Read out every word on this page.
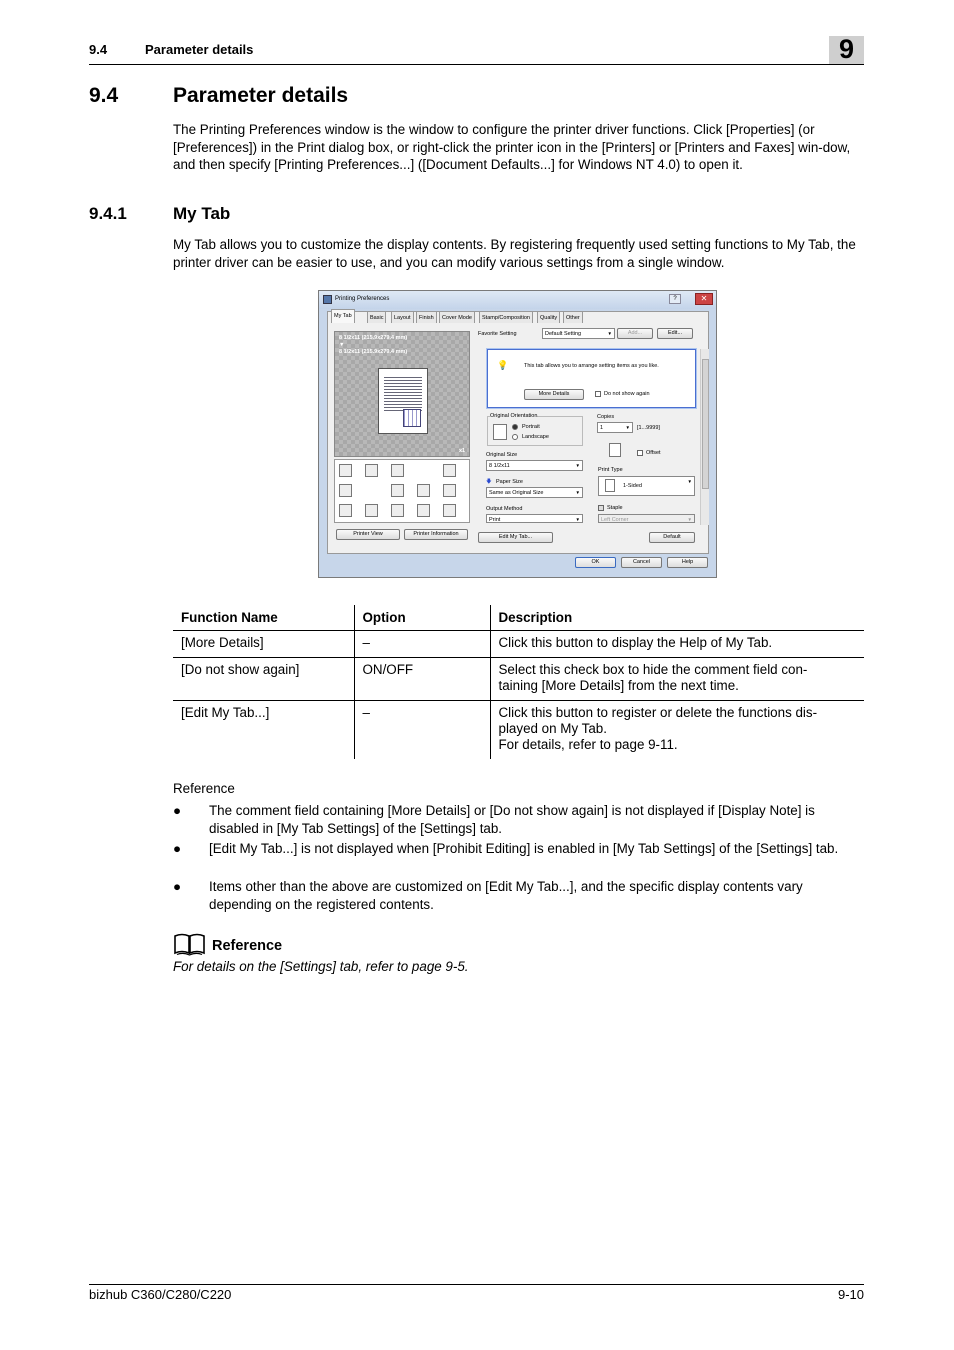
9.4	Parameter details	9
9.4	Parameter details
The Printing Preferences window is the window to configure the printer driver functions. Click [Properties] (or [Preferences]) in the Print dialog box, or right-click the printer icon in the [Printers] or [Printers and Faxes] win-dow, and then specify [Printing Preferences...] ([Document Defaults...] for Windows NT 4.0) to open it.
9.4.1	My Tab
My Tab allows you to customize the display contents. By registering frequently used setting functions to My Tab, the printer driver can be easier to use, and you can modify various settings from a single window.
Printing Preferences	?	✕
My Tab	Basic	Layout	Finish	Cover Mode	Stamp/Composition	Quality	Other
8 1/2x11 (215.9x279.4 mm)
▼
8 1/2x11 (215.9x279.4 mm)
x1
Printer View	Printer Information
Favorite Setting	Default Setting ▼	Add...	Edit...
💡	This tab allows you to arrange setting items as you like.
More Details	Do not show again
Original Orientation
Portrait
Landscape
Copies
1 ▼	[1...9999]
Offset
Original Size
8 1/2x11 ▼
🡇 Paper Size
Same as Original Size ▼
Output Method
Print ▼
Print Type
1-Sided ▼
Staple
Left Corner ▼
Edit My Tab...	Default
OK	Cancel	Help
Function Name	Option	Description
[More Details]	–	Click this button to display the Help of My Tab.

[Do not show again]	ON/OFF	Select this check box to hide the comment field con-
taining [More Details] from the next time.

[Edit My Tab...]	–	Click this button to register or delete the functions dis-
played on My Tab.
For details, refer to page 9-11.
Reference
● The comment field containing [More Details] or [Do not show again] is not displayed if [Display Note] is disabled in [My Tab Settings] of the [Settings] tab.
● [Edit My Tab...] is not displayed when [Prohibit Editing] is enabled in [My Tab Settings] of the [Settings] tab.
● Items other than the above are customized on [Edit My Tab...], and the specific display contents vary depending on the registered contents.
Reference
For details on the [Settings] tab, refer to page 9-5.
bizhub C360/C280/C220	9-10
